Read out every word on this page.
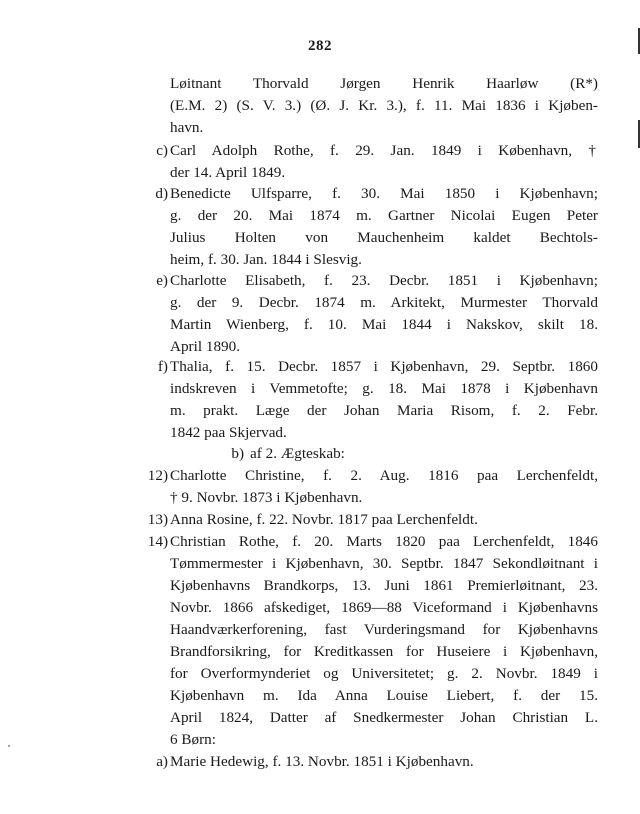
282
Løitnant Thorvald Jørgen Henrik Haarløw (R*)
(E.M. 2) (S. V. 3.) (Ø. J. Kr. 3.), f. 11. Mai 1836 i Kjøben-
havn.
c) Carl Adolph Rothe, f. 29. Jan. 1849 i København, †
der 14. April 1849.
d) Benedicte Ulfsparre, f. 30. Mai 1850 i Kjøbenhavn;
g. der 20. Mai 1874 m. Gartner Nicolai Eugen Peter
Julius Holten von Mauchenheim kaldet Bechtols-
heim, f. 30. Jan. 1844 i Slesvig.
e) Charlotte Elisabeth, f. 23. Decbr. 1851 i Kjøbenhavn;
g. der 9. Decbr. 1874 m. Arkitekt, Murmester Thorvald
Martin Wienberg, f. 10. Mai 1844 i Nakskov, skilt 18.
April 1890.
f) Thalia, f. 15. Decbr. 1857 i Kjøbenhavn, 29. Septbr. 1860
indskreven i Vemmetofte; g. 18. Mai 1878 i Kjøbenhavn
m. prakt. Læge der Johan Maria Risom, f. 2. Febr.
1842 paa Skjervad.
b) af 2. Ægteskab:
12) Charlotte Christine, f. 2. Aug. 1816 paa Lerchenfeldt,
† 9. Novbr. 1873 i Kjøbenhavn.
13) Anna Rosine, f. 22. Novbr. 1817 paa Lerchenfeldt.
14) Christian Rothe, f. 20. Marts 1820 paa Lerchenfeldt, 1846
Tømmermester i Kjøbenhavn, 30. Septbr. 1847 Sekondløitnant i
Kjøbenhavns Brandkorps, 13. Juni 1861 Premierløitnant, 23.
Novbr. 1866 afskediget, 1869—88 Viceformand i Kjøbenhavns
Haandværkerforening, fast Vurderingsmand for Kjøbenhavns
Brandforsikring, for Kreditkassen for Huseiere i Kjøbenhavn,
for Overformynderiet og Universitetet; g. 2. Novbr. 1849 i
Kjøbenhavn m. Ida Anna Louise Liebert, f. der 15.
April 1824, Datter af Snedkermester Johan Christian L.
6 Børn:
a) Marie Hedewig, f. 13. Novbr. 1851 i Kjøbenhavn.
